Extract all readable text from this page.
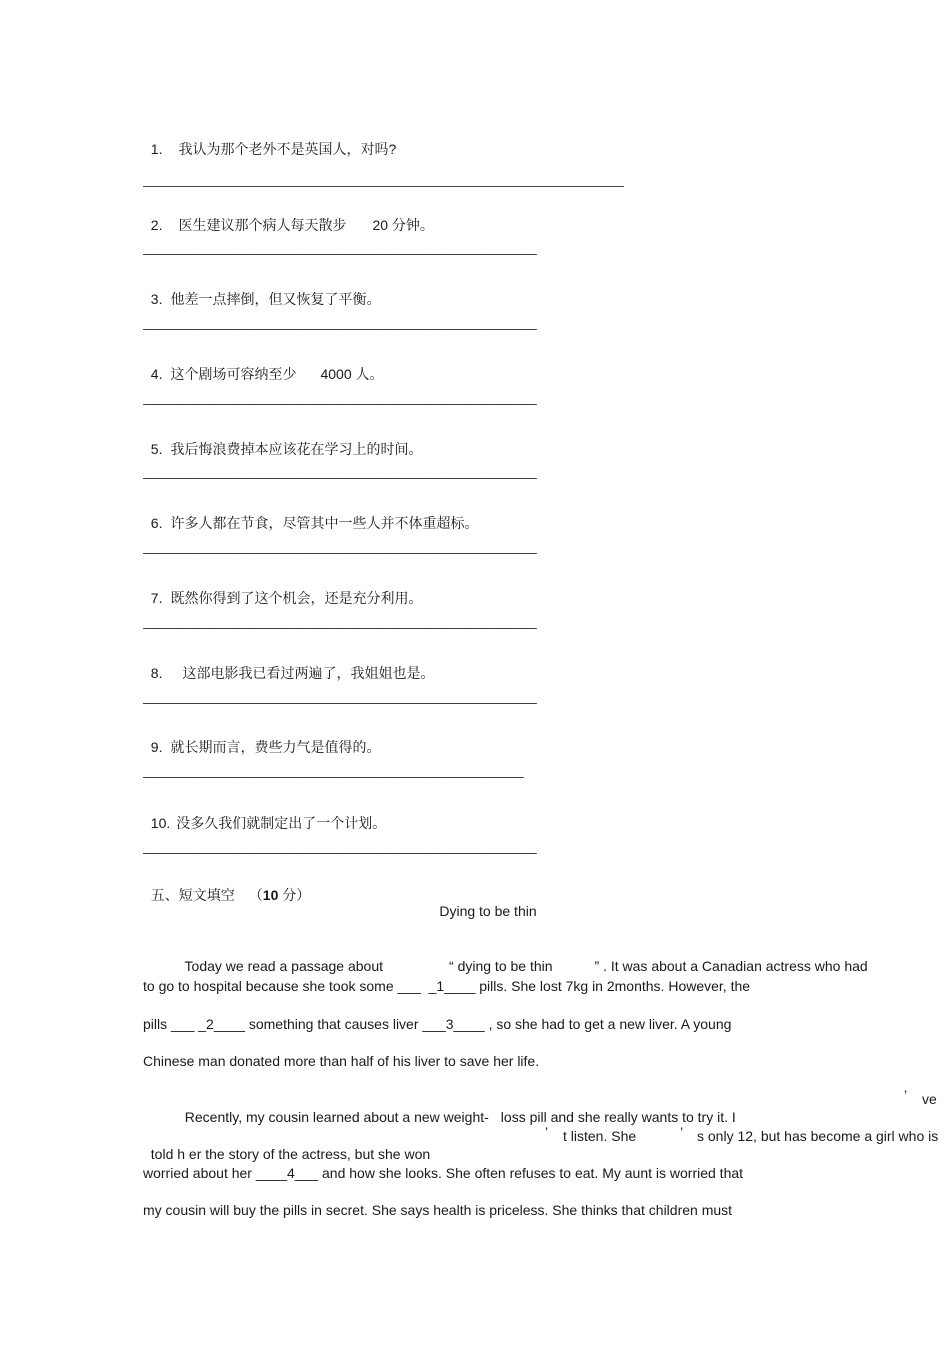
1. 我认为那个老外不是英国人，对吗?

2. 医生建议那个病人每天散步 20 分钟。

——————————————————————————————

3. 他差一点摔倒，但又恢复了平衡。

——————————————————————————————

4. 这个剧场可容纳至少 4000 人。

——————————————————————————————

5. 我后悔浪费掉本应该花在学习上的时间。

——————————————————————————————

6. 许多人都在节食，尽管其中一些人并不体重超标。

——————————————————————————————

7. 既然你得到了这个机会，还是充分利用。

——————————————————————————————

8. 这部电影我已看过两遍了，我姐姐也是。

——————————————————————————————

9. 就长期而言，费些力气是值得的。

—————————————————————————————

10. 没多久我们就制定出了一个计划。

——————————————————————————————

五、短文填空 （10 分）

Dying to be thin

Today we read a passage about	“ dying to be thin	” . It was about a Canadian actress who had

to go to hospital because she took some ___  _1____ pills. She lost 7kg in 2months. However, the
pills ___ _2____ something that causes liver ___3____ , so she had to get a new liver. A young
Chinese man donated more than half of his liver to save her life.

Recently, my cousin learned about a new weight- loss pill and she really wants to try it. I

’ ve

told h er the story of the actress, but she won

’ t listen. She	’ s only 12, but has become a girl who is
worried about her ____4___ and how she looks. She often refuses to eat. My aunt is worried that
my cousin will buy the pills in secret. She says health is priceless. She thinks that children must
